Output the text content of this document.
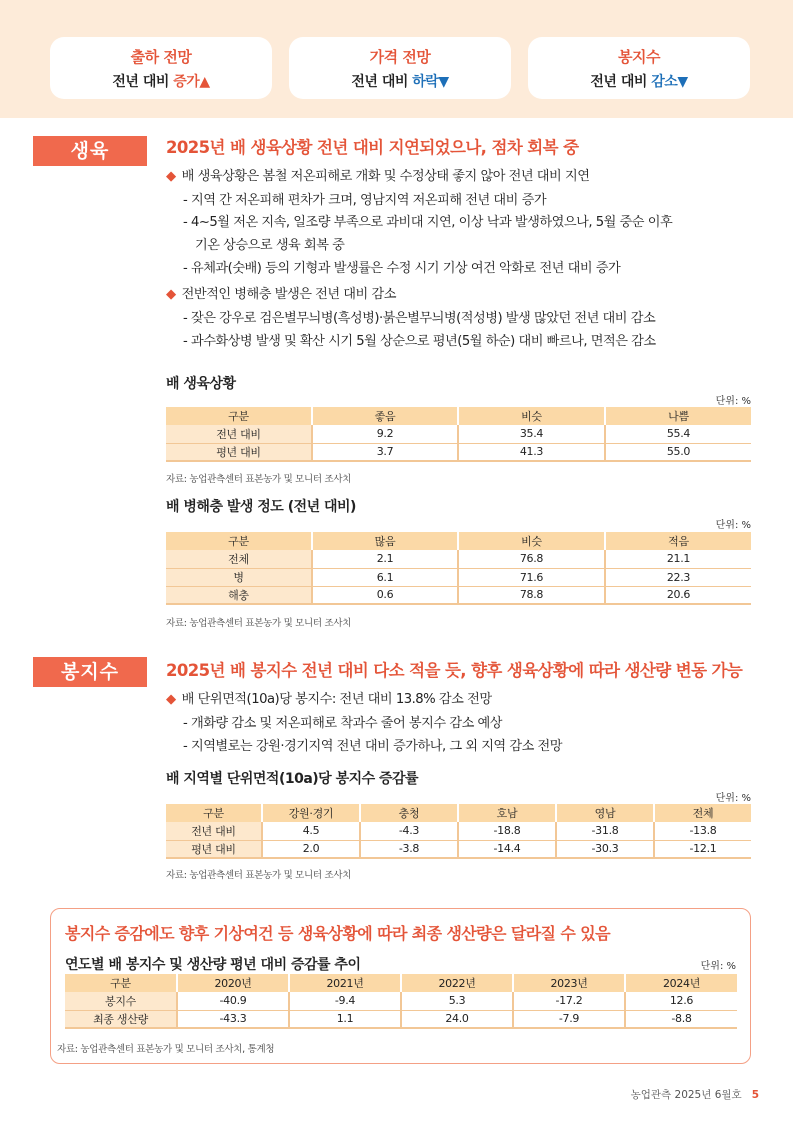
출하 전망
전년 대비 증가▲
가격 전망
전년 대비 하락▼
봉지수
전년 대비 감소▼
생육	2025년 배 생육상황 전년 대비 지연되었으나, 점차 회복 중
◆ 배 생육상황은 봄철 저온피해로 개화 및 수정상태 좋지 않아 전년 대비 지연
- 지역 간 저온피해 편차가 크며, 영남지역 저온피해 전년 대비 증가
- 4~5월 저온 지속, 일조량 부족으로 과비대 지연, 이상 낙과 발생하였으나, 5월 중순 이후
기온 상승으로 생육 회복 중
- 유체과(숫배) 등의 기형과 발생률은 수정 시기 기상 여건 악화로 전년 대비 증가
◆ 전반적인 병해충 발생은 전년 대비 감소
- 잦은 강우로 검은별무늬병(흑성병)·붉은별무늬병(적성병) 발생 많았던 전년 대비 감소
- 과수화상병 발생 및 확산 시기 5월 상순으로 평년(5월 하순) 대비 빠르나, 면적은 감소
배 생육상황
단위: %
구분	좋음	비슷	나쁨
전년 대비	9.2	35.4	55.4
평년 대비	3.7	41.3	55.0
자료: 농업관측센터 표본농가 및 모니터 조사치
배 병해충 발생 정도 (전년 대비)
단위: %
구분	많음	비슷	적음
전체	2.1	76.8	21.1
병	6.1	71.6	22.3
해충	0.6	78.8	20.6
자료: 농업관측센터 표본농가 및 모니터 조사치
봉지수	2025년 배 봉지수 전년 대비 다소 적을 듯, 향후 생육상황에 따라 생산량 변동 가능
◆ 배 단위면적(10a)당 봉지수: 전년 대비 13.8% 감소 전망
- 개화량 감소 및 저온피해로 착과수 줄어 봉지수 감소 예상
- 지역별로는 강원·경기지역 전년 대비 증가하나, 그 외 지역 감소 전망
배 지역별 단위면적(10a)당 봉지수 증감률
단위: %
구분	강원·경기	충청	호남	영남	전체
전년 대비	4.5	-4.3	-18.8	-31.8	-13.8
평년 대비	2.0	-3.8	-14.4	-30.3	-12.1
자료: 농업관측센터 표본농가 및 모니터 조사치
봉지수 증감에도 향후 기상여건 등 생육상황에 따라 최종 생산량은 달라질 수 있음
연도별 배 봉지수 및 생산량 평년 대비 증감률 추이	단위: %
구분	2020년	2021년	2022년	2023년	2024년
봉지수	-40.9	-9.4	5.3	-17.2	12.6
최종 생산량	-43.3	1.1	24.0	-7.9	-8.8
자료: 농업관측센터 표본농가 및 모니터 조사치, 통계청
농업관측 2025년 6월호 5
